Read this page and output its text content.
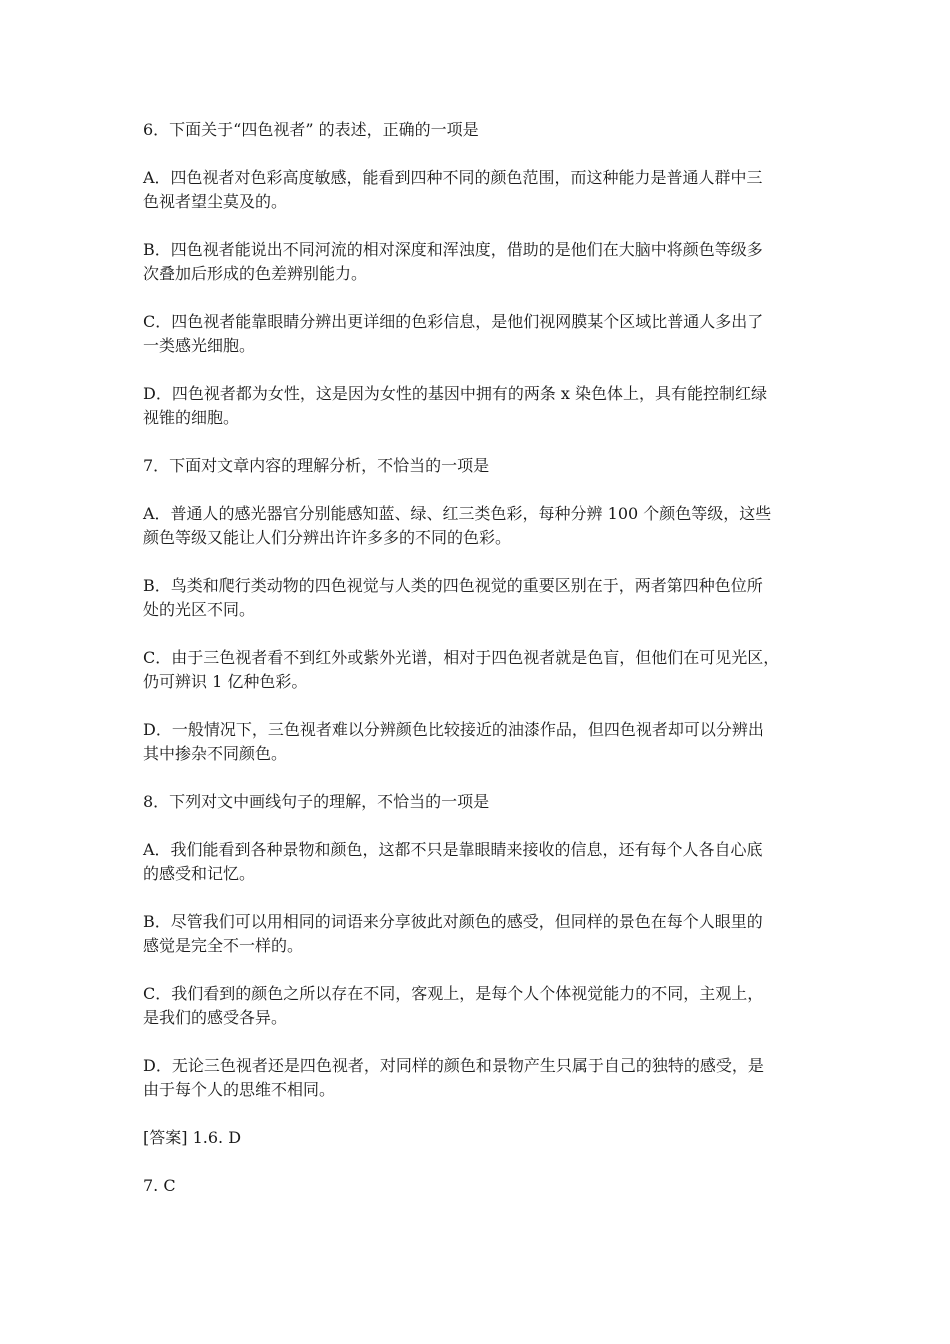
6．下面关于“四色视者” 的表述，正确的一项是

A．四色视者对色彩高度敏感，能看到四种不同的颜色范围，而这种能力是普通人群中三

色视者望尘莫及的。

B．四色视者能说出不同河流的相对深度和浑浊度，借助的是他们在大脑中将颜色等级多

次叠加后形成的色差辨别能力。

C．四色视者能靠眼睛分辨出更详细的色彩信息，是他们视网膜某个区域比普通人多出了

一类感光细胞。

D．四色视者都为女性，这是因为女性的基因中拥有的两条 x 染色体上，具有能控制红绿

视锥的细胞。

7．下面对文章内容的理解分析，不恰当的一项是

A．普通人的感光器官分别能感知蓝、绿、红三类色彩，每种分辨 100 个颜色等级，这些

颜色等级又能让人们分辨出许许多多的不同的色彩。

B．鸟类和爬行类动物的四色视觉与人类的四色视觉的重要区别在于，两者第四种色位所

处的光区不同。

C．由于三色视者看不到红外或紫外光谱，相对于四色视者就是色盲，但他们在可见光区，

仍可辨识 1 亿种色彩。

D．一般情况下，三色视者难以分辨颜色比较接近的油漆作品，但四色视者却可以分辨出

其中掺杂不同颜色。

8．下列对文中画线句子的理解，不恰当的一项是

A．我们能看到各种景物和颜色，这都不只是靠眼睛来接收的信息，还有每个人各自心底

的感受和记忆。

B．尽管我们可以用相同的词语来分享彼此对颜色的感受，但同样的景色在每个人眼里的

感觉是完全不一样的。

C．我们看到的颜色之所以存在不同，客观上，是每个人个体视觉能力的不同，主观上，

是我们的感受各异。

D．无论三色视者还是四色视者，对同样的颜色和景物产生只属于自己的独特的感受，是

由于每个人的思维不相同。

[答案] 1.6. D

7. C
